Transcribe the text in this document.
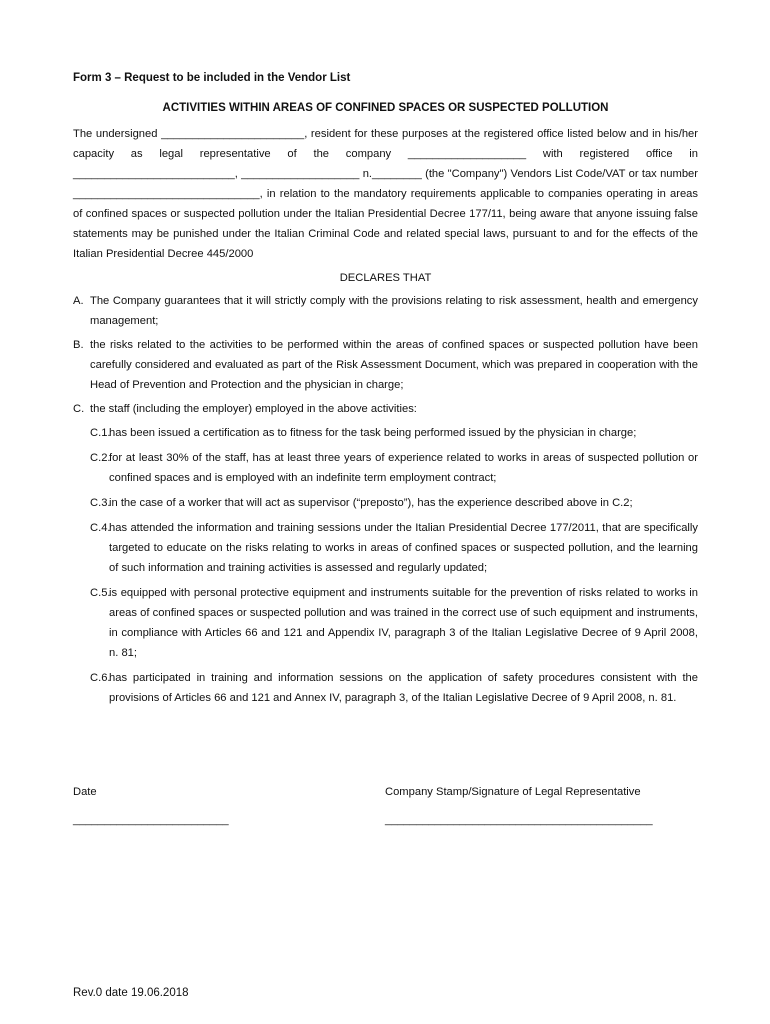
Form 3 – Request to be included in the Vendor List
ACTIVITIES WITHIN AREAS OF CONFINED SPACES OR SUSPECTED POLLUTION
The undersigned _______________________, resident for these purposes at the registered office listed below and in his/her capacity as legal representative of the company ___________________ with registered office in __________________________, ___________________ n.________ (the "Company") Vendors List Code/VAT or tax number ______________________________, in relation to the mandatory requirements applicable to companies operating in areas of confined spaces or suspected pollution under the Italian Presidential Decree 177/11, being aware that anyone issuing false statements may be punished under the Italian Criminal Code and related special laws, pursuant to and for the effects of the Italian Presidential Decree 445/2000
DECLARES THAT
A. The Company guarantees that it will strictly comply with the provisions relating to risk assessment, health and emergency management;
B. the risks related to the activities to be performed within the areas of confined spaces or suspected pollution have been carefully considered and evaluated as part of the Risk Assessment Document, which was prepared in cooperation with the Head of Prevention and Protection and the physician in charge;
C. the staff (including the employer) employed in the above activities:
C.1.
has been issued a certification as to fitness for the task being performed issued by the physician in charge;
C.2.
for at least 30% of the staff, has at least three years of experience related to works in areas of suspected pollution or confined spaces and is employed with an indefinite term employment contract;
C.3.
in the case of a worker that will act as supervisor (“preposto”), has the experience described above in C.2;
C.4.
has attended the information and training sessions under the Italian Presidential Decree 177/2011, that are specifically targeted to educate on the risks relating to works in areas of confined spaces or suspected pollution, and the learning of such information and training activities is assessed and regularly updated;
C.5.
is equipped with personal protective equipment and instruments suitable for the prevention of risks related to works in areas of confined spaces or suspected pollution and was trained in the correct use of such equipment and instruments, in compliance with Articles 66 and 121 and Appendix IV, paragraph 3 of the Italian Legislative Decree of 9 April 2008, n. 81;
C.6.
has participated in training and information sessions on the application of safety procedures consistent with the provisions of Articles 66 and 121 and Annex IV, paragraph 3, of the Italian Legislative Decree of 9 April 2008, n. 81.
Date
_________________________
Company Stamp/Signature of Legal Representative
___________________________________________
Rev.0 date 19.06.2018
